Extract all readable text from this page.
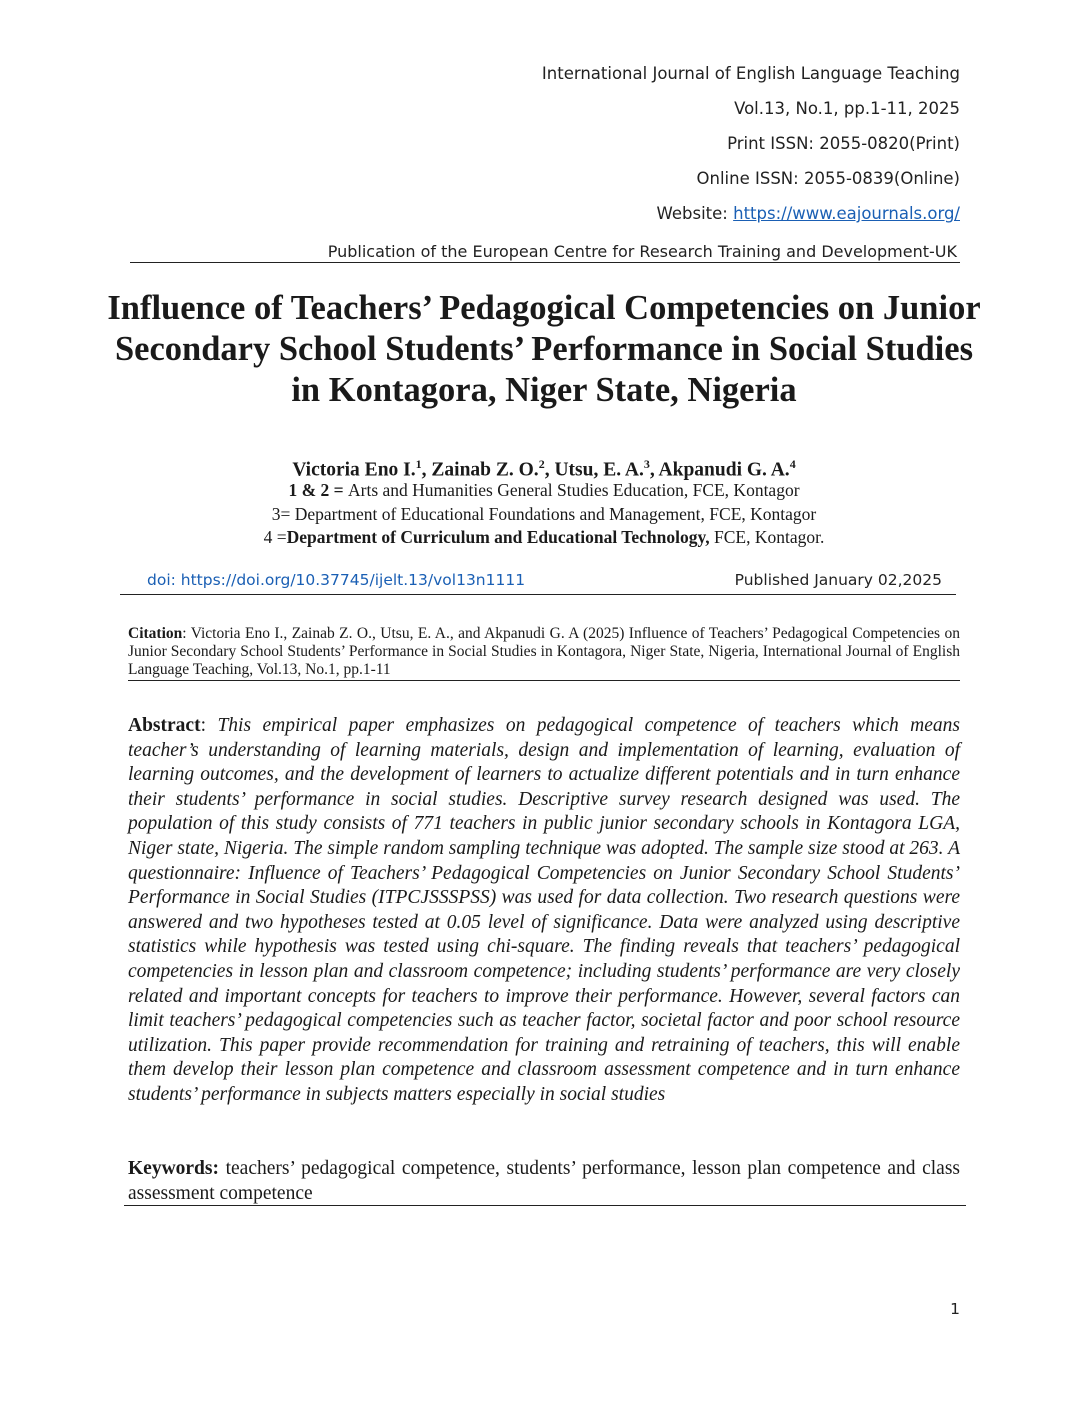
International Journal of English Language Teaching
Vol.13, No.1, pp.1-11, 2025
Print ISSN: 2055-0820(Print)
Online ISSN: 2055-0839(Online)
Website: https://www.eajournals.org/
Publication of the European Centre for Research Training and Development-UK
Influence of Teachers’ Pedagogical Competencies on Junior Secondary School Students’ Performance in Social Studies in Kontagora, Niger State, Nigeria
Victoria Eno I.$^1$, Zainab Z. O.$^2$, Utsu, E. A.$^3$, Akpanudi G. A.$^4$
1 & 2 = Arts and Humanities General Studies Education, FCE, Kontagor
3= Department of Educational Foundations and Management, FCE, Kontagor
4 =Department of Curriculum and Educational Technology, FCE, Kontagor.
doi: https://doi.org/10.37745/ijelt.13/vol13n1111	Published January 02,2025
Citation: Victoria Eno I., Zainab Z. O., Utsu, E. A., and Akpanudi G. A (2025) Influence of Teachers’ Pedagogical Competencies on Junior Secondary School Students’ Performance in Social Studies in Kontagora, Niger State, Nigeria, International Journal of English Language Teaching, Vol.13, No.1, pp.1-11
Abstract: This empirical paper emphasizes on pedagogical competence of teachers which means teacher’s understanding of learning materials, design and implementation of learning, evaluation of learning outcomes, and the development of learners to actualize different potentials and in turn enhance their students’ performance in social studies. Descriptive survey research designed was used. The population of this study consists of 771 teachers in public junior secondary schools in Kontagora LGA, Niger state, Nigeria. The simple random sampling technique was adopted. The sample size stood at 263. A questionnaire: Influence of Teachers’ Pedagogical Competencies on Junior Secondary School Students’ Performance in Social Studies (ITPCJSSSPSS) was used for data collection. Two research questions were answered and two hypotheses tested at 0.05 level of significance. Data were analyzed using descriptive statistics while hypothesis was tested using chi-square. The finding reveals that teachers’ pedagogical competencies in lesson plan and classroom competence; including students’ performance are very closely related and important concepts for teachers to improve their performance. However, several factors can limit teachers’ pedagogical competencies such as teacher factor, societal factor and poor school resource utilization. This paper provide recommendation for training and retraining of teachers, this will enable them develop their lesson plan competence and classroom assessment competence and in turn enhance students’ performance in subjects matters especially in social studies
Keywords: teachers’ pedagogical competence, students’ performance, lesson plan competence and class assessment competence
1
